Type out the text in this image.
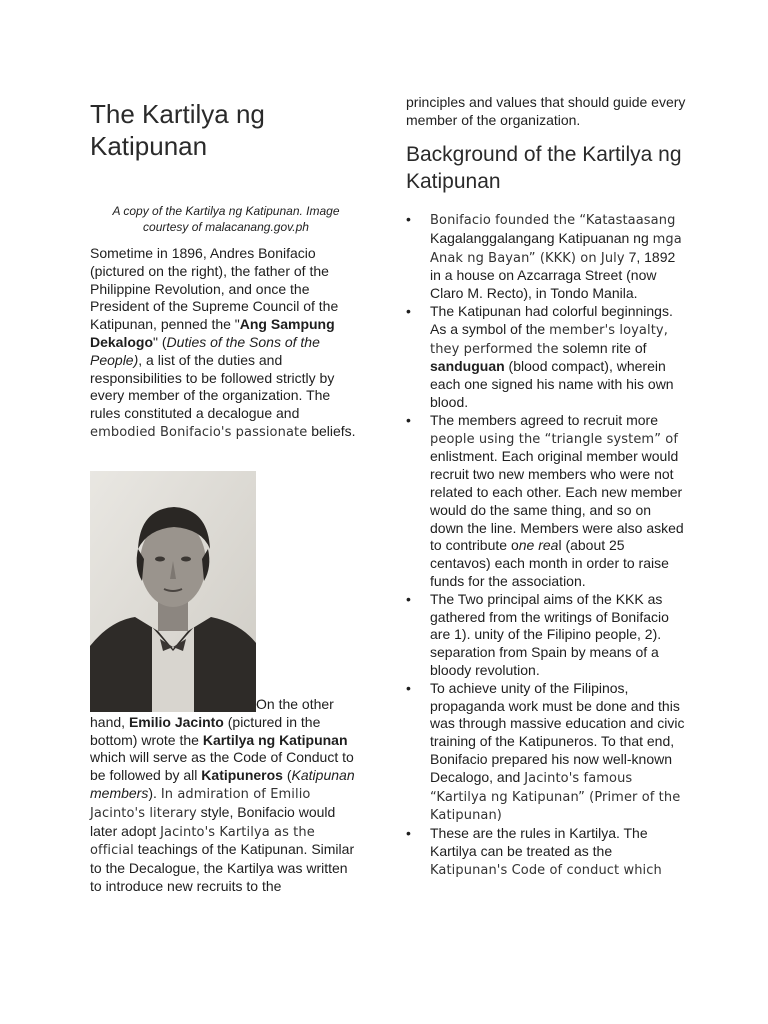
The Kartilya ng Katipunan

A copy of the Kartilya ng Katipunan. Image courtesy of malacanang.gov.ph

Sometime in 1896, Andres Bonifacio (pictured on the right), the father of the Philippine Revolution, and once the President of the Supreme Council of the Katipunan, penned the "Ang Sampung Dekalogo" (Duties of the Sons of the People), a list of the duties and responsibilities to be followed strictly by every member of the organization. The rules constituted a decalogue and embodied Bonifacio's passionate beliefs.

On the other hand, Emilio Jacinto (pictured in the bottom) wrote the Kartilya ng Katipunan which will serve as the Code of Conduct to be followed by all Katipuneros (Katipunan members). In admiration of Emilio Jacinto's literary style, Bonifacio would later adopt Jacinto's Kartilya as the official teachings of the Katipunan. Similar to the Decalogue, the Kartilya was written to introduce new recruits to the

principles and values that should guide every member of the organization.

Background of the Kartilya ng Katipunan
•	Bonifacio founded the “Katastaasang Kagalanggalangang Katipuanan ng mga Anak ng Bayan” (KKK) on July 7, 1892 in a house on Azcarraga Street (now Claro M. Recto), in Tondo Manila.
•	The Katipunan had colorful beginnings. As a symbol of the member's loyalty, they performed the solemn rite of sanduguan (blood compact), wherein each one signed his name with his own blood.
•	The members agreed to recruit more people using the “triangle system” of enlistment. Each original member would recruit two new members who were not related to each other. Each new member would do the same thing, and so on down the line. Members were also asked to contribute one real (about 25 centavos) each month in order to raise funds for the association.
•	The Two principal aims of the KKK as gathered from the writings of Bonifacio are 1). unity of the Filipino people, 2). separation from Spain by means of a bloody revolution.
•	To achieve unity of the Filipinos, propaganda work must be done and this was through massive education and civic training of the Katipuneros. To that end, Bonifacio prepared his now well-known Decalogo, and Jacinto's famous “Kartilya ng Katipunan” (Primer of the Katipunan)
•	These are the rules in Kartilya. The Kartilya can be treated as the Katipunan's Code of conduct which
